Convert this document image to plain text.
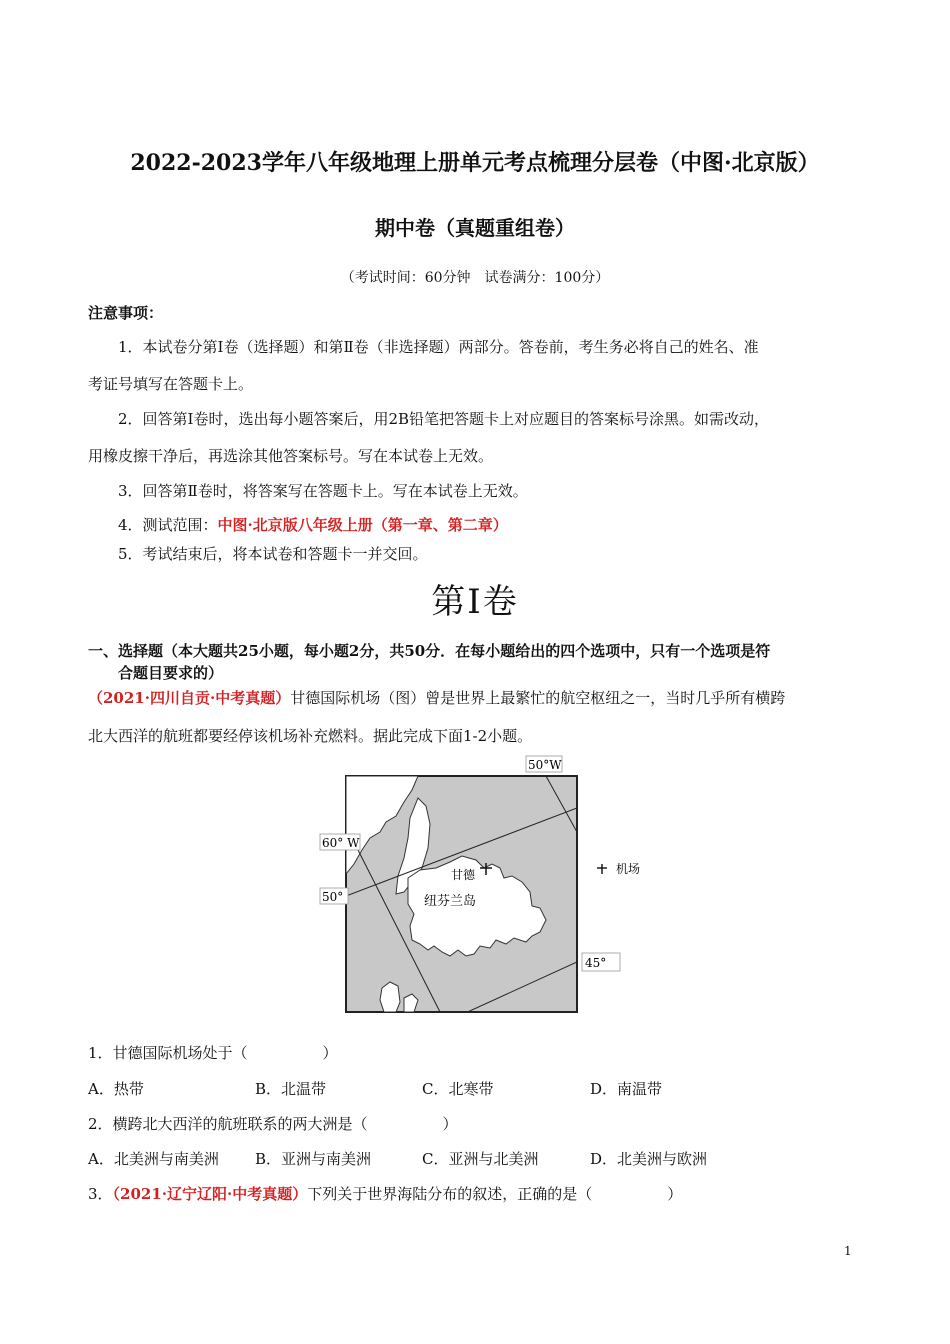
2022-2023学年八年级地理上册单元考点梳理分层卷（中图·北京版）
期中卷（真题重组卷）
（考试时间：60分钟　试卷满分：100分）
注意事项：
1．本试卷分第Ⅰ卷（选择题）和第Ⅱ卷（非选择题）两部分。答卷前，考生务必将自己的姓名、准
考证号填写在答题卡上。
2．回答第Ⅰ卷时，选出每小题答案后，用2B铅笔把答题卡上对应题目的答案标号涂黑。如需改动，
用橡皮擦干净后，再选涂其他答案标号。写在本试卷上无效。
3．回答第Ⅱ卷时，将答案写在答题卡上。写在本试卷上无效。
4．测试范围：中图·北京版八年级上册（第一章、第二章）
5．考试结束后，将本试卷和答题卡一并交回。
第Ⅰ卷
一、选择题（本大题共25小题，每小题2分，共50分．在每小题给出的四个选项中，只有一个选项是符
合题目要求的）
（2021·四川自贡·中考真题）甘德国际机场（图）曾是世界上最繁忙的航空枢纽之一，当时几乎所有横跨
北大西洋的航班都要经停该机场补充燃料。据此完成下面1-2小题。
甘德
纽芬兰岛
50°W
60° W
50°
45°
机场
1．甘德国际机场处于（　　　　　）
A．热带	B．北温带	C．北寒带	D．南温带
2．横跨北大西洋的航班联系的两大洲是（　　　　　）
A．北美洲与南美洲 B．亚洲与南美洲	C．亚洲与北美洲	D．北美洲与欧洲
3．（2021·辽宁辽阳·中考真题）下列关于世界海陆分布的叙述，正确的是（　　　　　）
1
